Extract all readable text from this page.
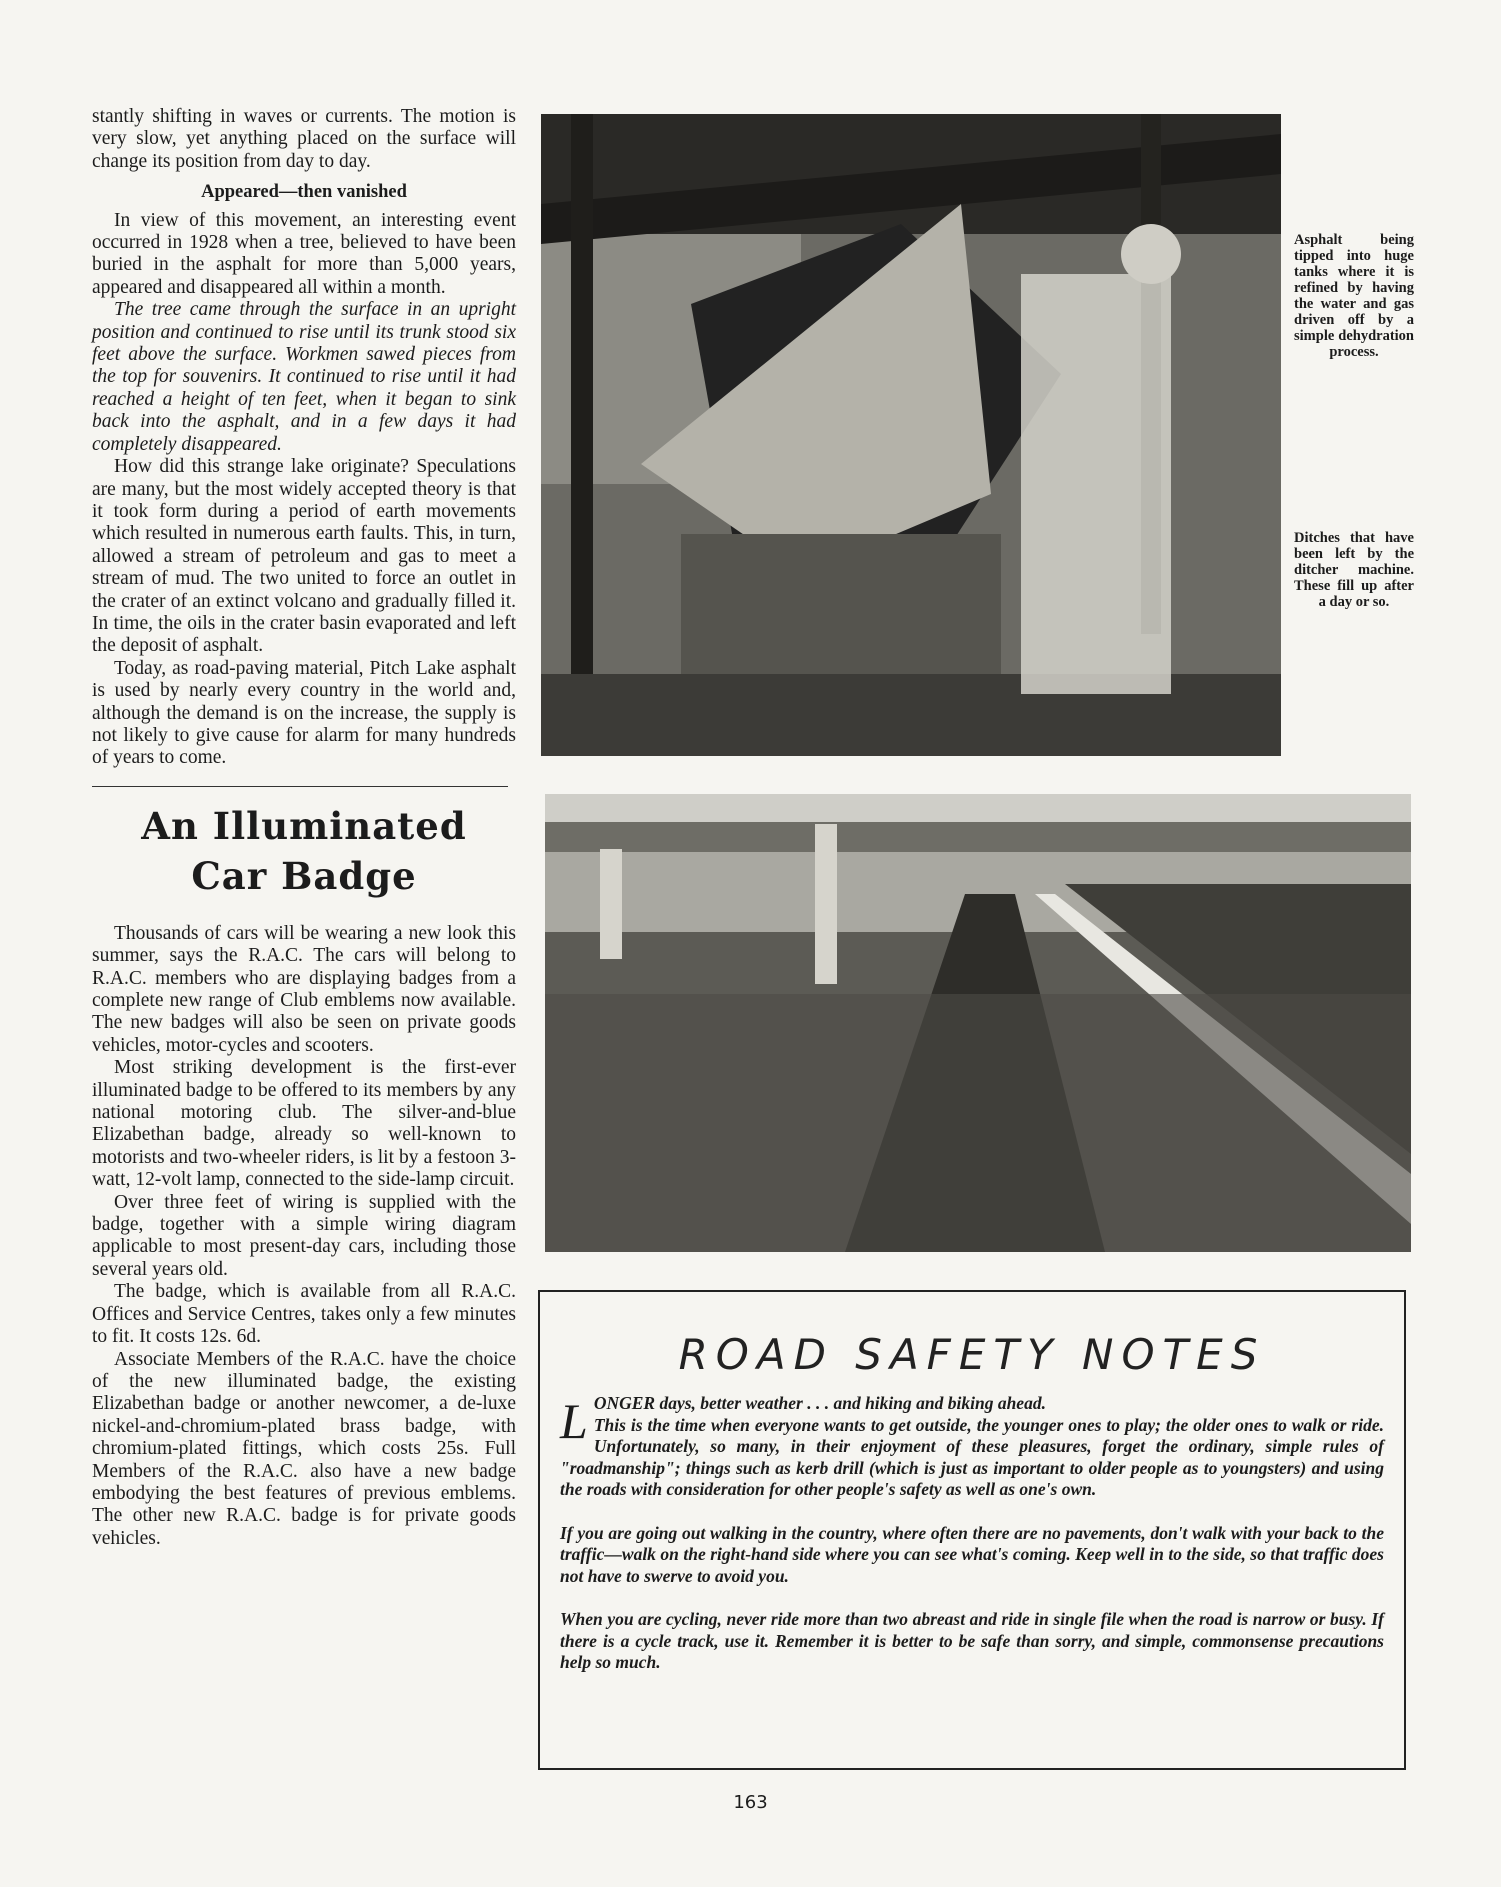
stantly shifting in waves or currents. The motion is very slow, yet anything placed on the surface will change its position from day to day.

Appeared—then vanished

In view of this movement, an interesting event occurred in 1928 when a tree, believed to have been buried in the asphalt for more than 5,000 years, appeared and disappeared all within a month.

The tree came through the surface in an upright position and continued to rise until its trunk stood six feet above the surface. Workmen sawed pieces from the top for souvenirs. It continued to rise until it had reached a height of ten feet, when it began to sink back into the asphalt, and in a few days it had completely disappeared.

How did this strange lake originate? Speculations are many, but the most widely accepted theory is that it took form during a period of earth movements which resulted in numerous earth faults. This, in turn, allowed a stream of petroleum and gas to meet a stream of mud. The two united to force an outlet in the crater of an extinct volcano and gradually filled it. In time, the oils in the crater basin evaporated and left the deposit of asphalt.

Today, as road-paving material, Pitch Lake asphalt is used by nearly every country in the world and, although the demand is on the increase, the supply is not likely to give cause for alarm for many hundreds of years to come.

An Illuminated
Car Badge

Thousands of cars will be wearing a new look this summer, says the R.A.C. The cars will belong to R.A.C. members who are displaying badges from a complete new range of Club emblems now available. The new badges will also be seen on private goods vehicles, motor-cycles and scooters.

Most striking development is the first-ever illuminated badge to be offered to its members by any national motoring club. The silver-and-blue Elizabethan badge, already so well-known to motorists and two-wheeler riders, is lit by a festoon 3-watt, 12-volt lamp, connected to the side-lamp circuit.

Over three feet of wiring is supplied with the badge, together with a simple wiring diagram applicable to most present-day cars, including those several years old.

The badge, which is available from all R.A.C. Offices and Service Centres, takes only a few minutes to fit. It costs 12s. 6d.

Associate Members of the R.A.C. have the choice of the new illuminated badge, the existing Elizabethan badge or another newcomer, a de-luxe nickel-and-chromium-plated brass badge, with chromium-plated fittings, which costs 25s. Full Members of the R.A.C. also have a new badge embodying the best features of previous emblems. The other new R.A.C. badge is for private goods vehicles.

Asphalt being tipped into huge tanks where it is refined by having the water and gas driven off by a simple dehydration process.
Ditches that have been left by the ditcher machine. These fill up after a day or so.
ROAD SAFETY NOTES

L ONGER days, better weather . . . and hiking and biking ahead.
This is the time when everyone wants to get outside, the younger ones to play; the older ones to walk or ride. Unfortunately, so many, in their enjoyment of these pleasures, forget the ordinary, simple rules of "roadmanship"; things such as kerb drill (which is just as important to older people as to youngsters) and using the roads with consideration for other people's safety as well as one's own.

If you are going out walking in the country, where often there are no pavements, don't walk with your back to the traffic—walk on the right-hand side where you can see what's coming. Keep well in to the side, so that traffic does not have to swerve to avoid you.

When you are cycling, never ride more than two abreast and ride in single file when the road is narrow or busy. If there is a cycle track, use it. Remember it is better to be safe than sorry, and simple, commonsense precautions help so much.

163
